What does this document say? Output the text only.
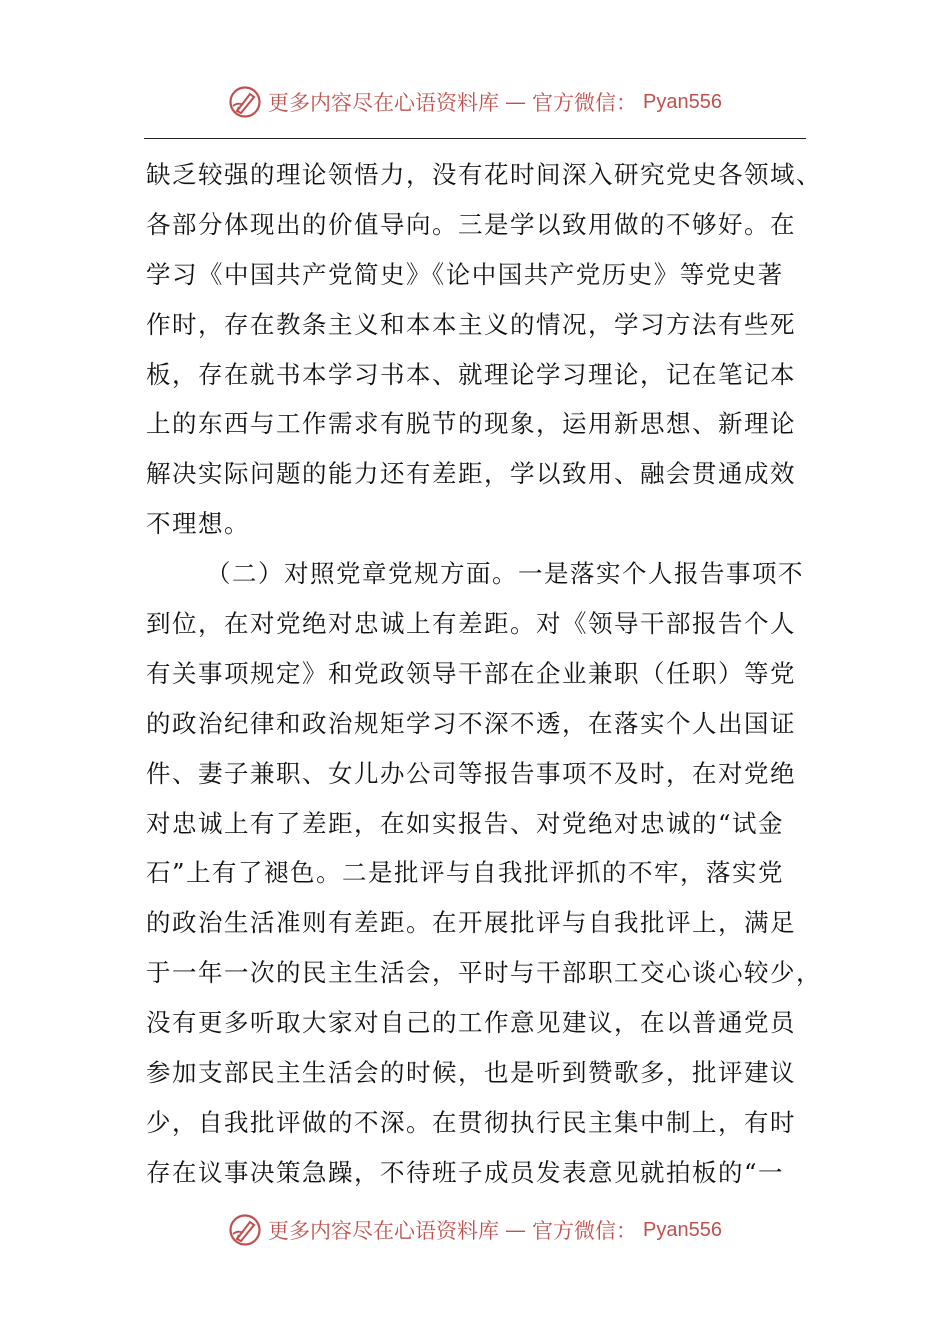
更多内容尽在心语资料库 — 官方微信： Pyan556
缺乏较强的理论领悟力，没有花时间深入研究党史各领域、
各部分体现出的价值导向。三是学以致用做的不够好。在
学习《中国共产党简史》《论中国共产党历史》等党史著
作时，存在教条主义和本本主义的情况，学习方法有些死
板，存在就书本学习书本、就理论学习理论，记在笔记本
上的东西与工作需求有脱节的现象，运用新思想、新理论
解决实际问题的能力还有差距，学以致用、融会贯通成效
不理想。
（二）对照党章党规方面。一是落实个人报告事项不
到位，在对党绝对忠诚上有差距。对《领导干部报告个人
有关事项规定》和党政领导干部在企业兼职（任职）等党
的政治纪律和政治规矩学习不深不透，在落实个人出国证
件、妻子兼职、女儿办公司等报告事项不及时，在对党绝
对忠诚上有了差距，在如实报告、对党绝对忠诚的“试金
石”上有了褪色。二是批评与自我批评抓的不牢，落实党
的政治生活准则有差距。在开展批评与自我批评上，满足
于一年一次的民主生活会，平时与干部职工交心谈心较少，
没有更多听取大家对自己的工作意见建议，在以普通党员
参加支部民主生活会的时候，也是听到赞歌多，批评建议
少，自我批评做的不深。在贯彻执行民主集中制上，有时
存在议事决策急躁，不待班子成员发表意见就拍板的“一
更多内容尽在心语资料库 — 官方微信： Pyan556
